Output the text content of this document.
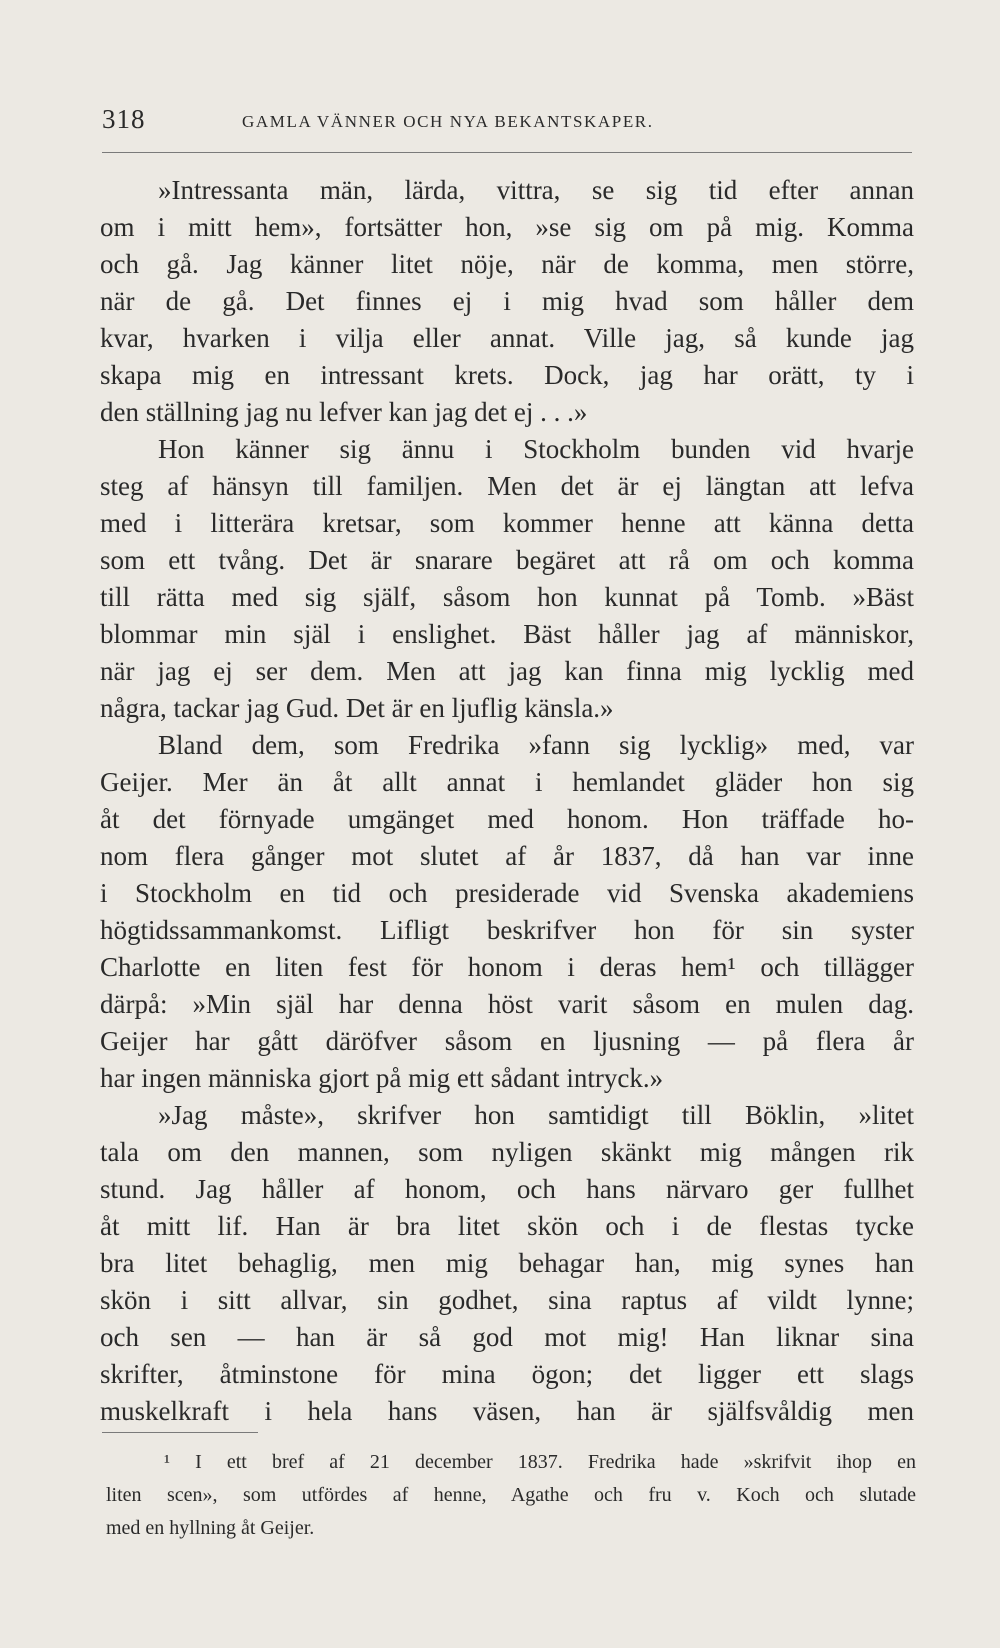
318	GAMLA VÄNNER OCH NYA BEKANTSKAPER.
»Intressanta män, lärda, vittra, se sig tid efter annan
om i mitt hem», fortsätter hon, »se sig om på mig. Komma
och gå. Jag känner litet nöje, när de komma, men större,
när de gå. Det finnes ej i mig hvad som håller dem
kvar, hvarken i vilja eller annat. Ville jag, så kunde jag
skapa mig en intressant krets. Dock, jag har orätt, ty i
den ställning jag nu lefver kan jag det ej . . .»
Hon känner sig ännu i Stockholm bunden vid hvarje
steg af hänsyn till familjen. Men det är ej längtan att lefva
med i litterära kretsar, som kommer henne att känna detta
som ett tvång. Det är snarare begäret att rå om och komma
till rätta med sig själf, såsom hon kunnat på Tomb. »Bäst
blommar min själ i enslighet. Bäst håller jag af människor,
när jag ej ser dem. Men att jag kan finna mig lycklig med
några, tackar jag Gud. Det är en ljuflig känsla.»
Bland dem, som Fredrika »fann sig lycklig» med, var
Geijer. Mer än åt allt annat i hemlandet gläder hon sig
åt det förnyade umgänget med honom. Hon träffade ho-
nom flera gånger mot slutet af år 1837, då han var inne
i Stockholm en tid och presiderade vid Svenska akademiens
högtidssammankomst. Lifligt beskrifver hon för sin syster
Charlotte en liten fest för honom i deras hem¹ och tillägger
därpå: »Min själ har denna höst varit såsom en mulen dag.
Geijer har gått däröfver såsom en ljusning — på flera år
har ingen människa gjort på mig ett sådant intryck.»
»Jag måste», skrifver hon samtidigt till Böklin, »litet
tala om den mannen, som nyligen skänkt mig mången rik
stund. Jag håller af honom, och hans närvaro ger fullhet
åt mitt lif. Han är bra litet skön och i de flestas tycke
bra litet behaglig, men mig behagar han, mig synes han
skön i sitt allvar, sin godhet, sina raptus af vildt lynne;
och sen — han är så god mot mig! Han liknar sina
skrifter, åtminstone för mina ögon; det ligger ett slags
muskelkraft i hela hans väsen, han är själfsvåldig men
¹ I ett bref af 21 december 1837. Fredrika hade »skrifvit ihop en
liten scen», som utfördes af henne, Agathe och fru v. Koch och slutade
med en hyllning åt Geijer.
